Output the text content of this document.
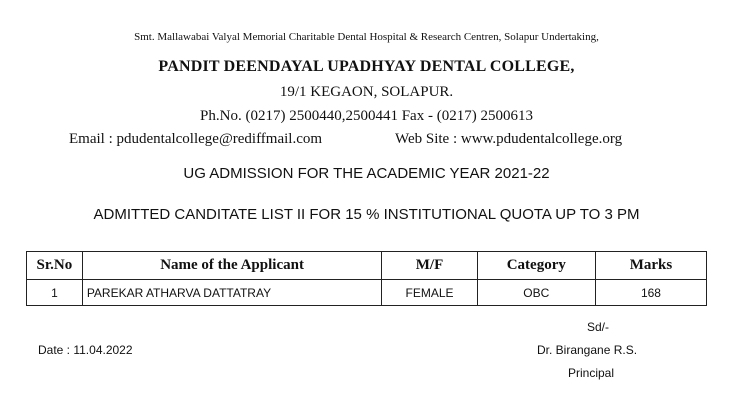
Smt. Mallawabai Valyal Memorial Charitable Dental Hospital & Research Centren, Solapur Undertaking,
PANDIT DEENDAYAL UPADHYAY DENTAL COLLEGE,
19/1 KEGAON, SOLAPUR.
Ph.No. (0217) 2500440,2500441 Fax - (0217) 2500613
Email : pdudentalcollege@rediffmail.com	Web Site : www.pdudentalcollege.org
UG ADMISSION FOR THE ACADEMIC YEAR 2021-22
ADMITTED CANDITATE LIST II FOR 15 % INSTITUTIONAL QUOTA UP TO 3 PM
Sr.No	Name of the Applicant	M/F	Category	Marks
1	PAREKAR ATHARVA DATTATRAY	FEMALE	OBC	168
Sd/-
Date : 11.04.2022	Dr. Birangane R.S.
Principal
